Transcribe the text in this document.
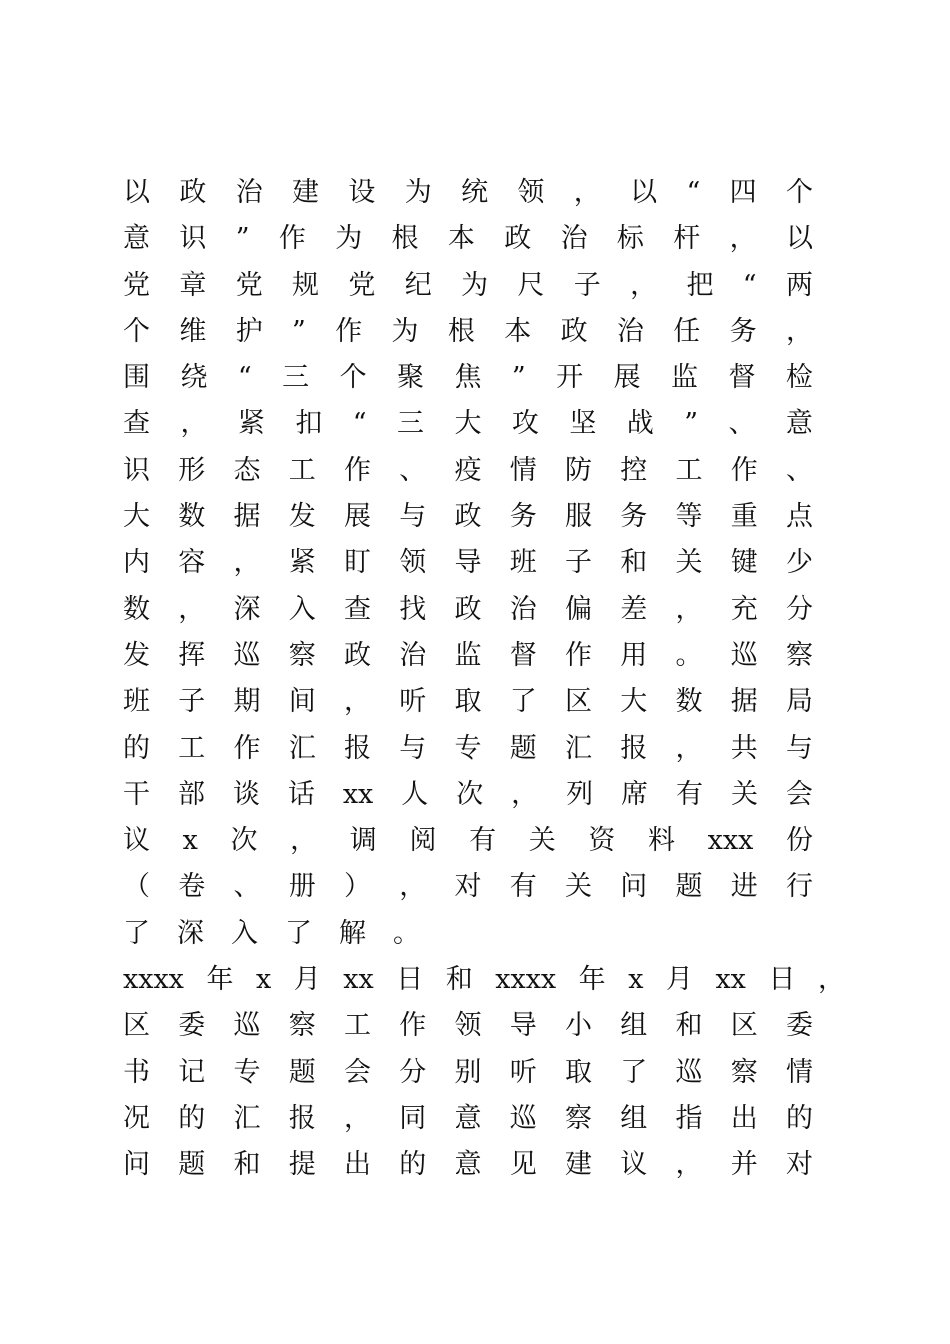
以 政 治 建 设 为 统 领 ， 以 “ 四 个
意 识 ” 作 为 根 本 政 治 标 杆 ， 以
党 章 党 规 党 纪 为 尺 子 ， 把 “ 两
个 维 护 ” 作 为 根 本 政 治 任 务 ，
围 绕 “ 三 个 聚 焦 ” 开 展 监 督 检
查 ， 紧 扣 “ 三 大 攻 坚 战 ” 、 意
识 形 态 工 作 、 疫 情 防 控 工 作 、
大 数 据 发 展 与 政 务 服 务 等 重 点
内 容 ， 紧 盯 领 导 班 子 和 关 键 少
数 ， 深 入 查 找 政 治 偏 差 ， 充 分
发 挥 巡 察 政 治 监 督 作 用 。 巡 察
班 子 期 间 ， 听 取 了 区 大 数 据 局
的 工 作 汇 报 与 专 题 汇 报 ， 共 与
干 部 谈 话 xx 人 次 ， 列 席 有 关 会
议 x 次 ， 调 阅 有 关 资 料 xxx 份
（ 卷 、 册 ） ， 对 有 关 问 题 进 行
了 深 入 了 解 。
xxxx 年 x 月 xx 日 和 xxxx 年 x 月 xx 日 ，
区 委 巡 察 工 作 领 导 小 组 和 区 委
书 记 专 题 会 分 别 听 取 了 巡 察 情
况 的 汇 报 ， 同 意 巡 察 组 指 出 的
问 题 和 提 出 的 意 见 建 议 ， 并 对
